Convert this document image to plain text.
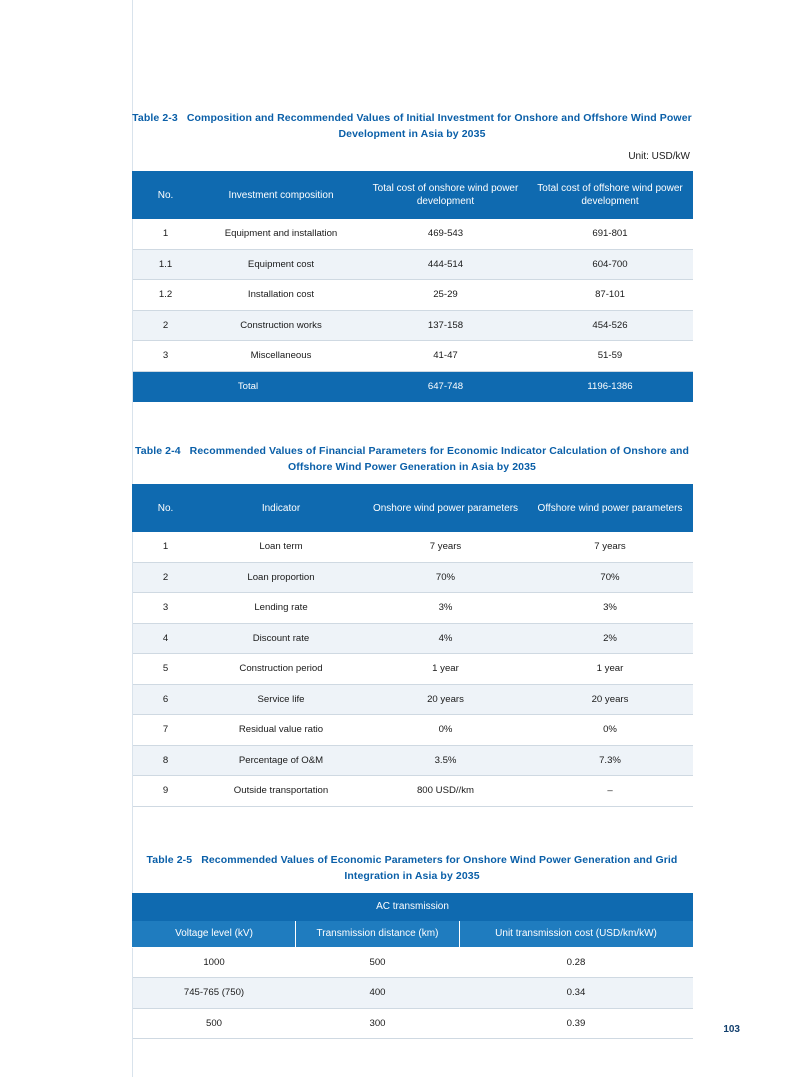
Table 2-3 Composition and Recommended Values of Initial Investment for Onshore and Offshore Wind Power Development in Asia by 2035
Unit: USD/kW
No.	Investment composition	Total cost of onshore wind power development	Total cost of offshore wind power development
1	Equipment and installation	469-543	691-801
1.1	Equipment cost	444-514	604-700
1.2	Installation cost	25-29	87-101
2	Construction works	137-158	454-526
3	Miscellaneous	41-47	51-59
Total		647-748	1196-1386
Table 2-4 Recommended Values of Financial Parameters for Economic Indicator Calculation of Onshore and Offshore Wind Power Generation in Asia by 2035
No.	Indicator	Onshore wind power parameters	Offshore wind power parameters
1	Loan term	7 years	7 years
2	Loan proportion	70%	70%
3	Lending rate	3%	3%
4	Discount rate	4%	2%
5	Construction period	1 year	1 year
6	Service life	20 years	20 years
7	Residual value ratio	0%	0%
8	Percentage of O&M	3.5%	7.3%
9	Outside transportation	800 USD//km	–
Table 2-5 Recommended Values of Economic Parameters for Onshore Wind Power Generation and Grid Integration in Asia by 2035
AC transmission		
Voltage level (kV)	Transmission distance (km)	Unit transmission cost (USD/km/kW)
1000	500	0.28
745-765 (750)	400	0.34
500	300	0.39
103
